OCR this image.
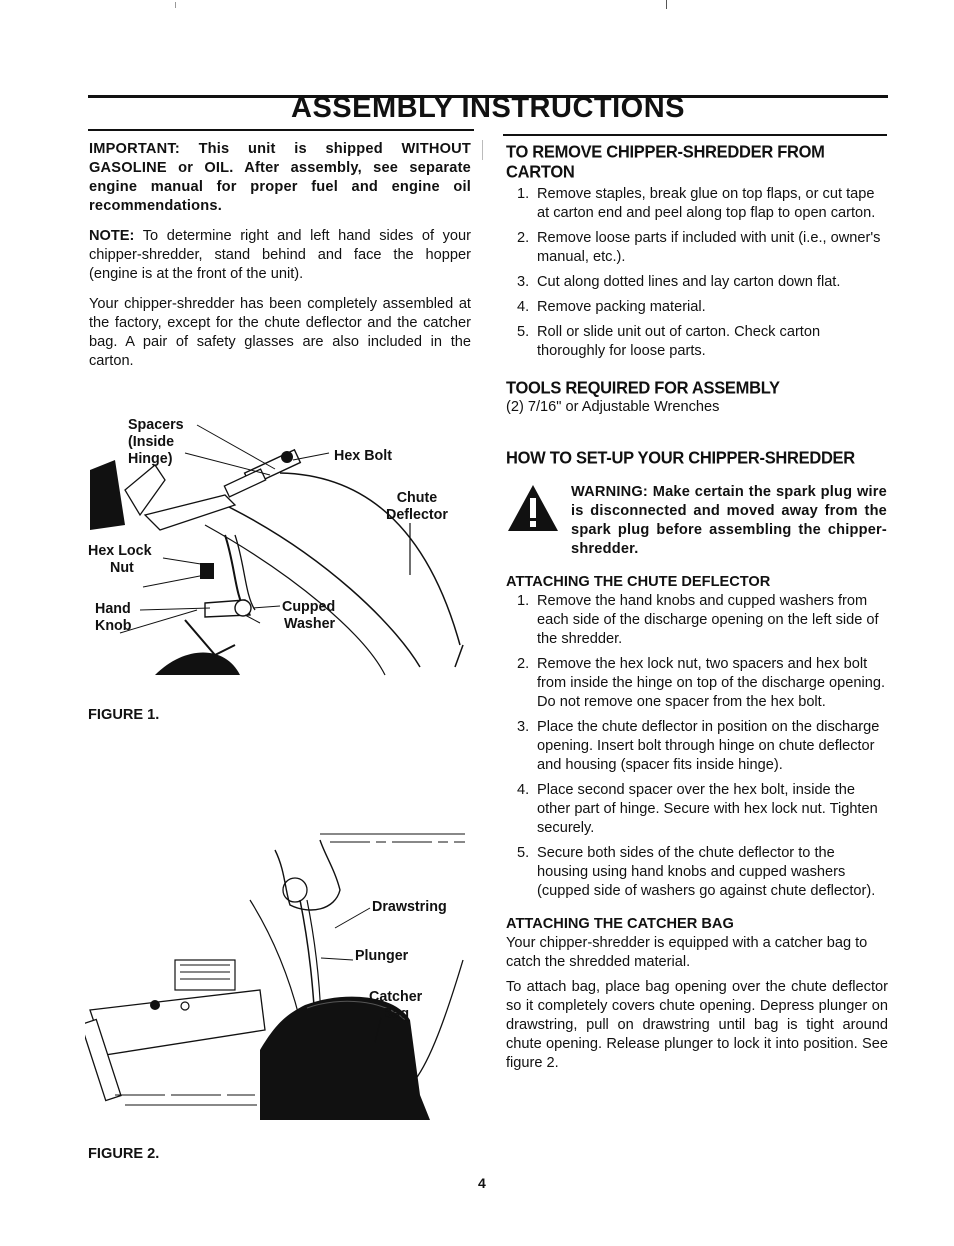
ASSEMBLY INSTRUCTIONS

IMPORTANT: This unit is shipped WITHOUT GASOLINE or OIL. After assembly, see separate engine manual for proper fuel and engine oil recommendations.

NOTE: To determine right and left hand sides of your chipper-shredder, stand behind and face the hopper (engine is at the front of the unit).

Your chipper-shredder has been completely assembled at the factory, except for the chute deflector and the catcher bag. A pair of safety glasses are also included in the carton.

Spacers
(Inside
Hinge)	Hex Bolt
Chute
Deflector
Hex Lock
Nut
Hand
Knob
Cupped
Washer
FIGURE 1.
Drawstring
Plunger
Catcher
Bag
FIGURE 2.
TO REMOVE CHIPPER-SHREDDER FROM CARTON
1. Remove staples, break glue on top flaps, or cut tape at carton end and peel along top flap to open carton.
2. Remove loose parts if included with unit (i.e., owner's manual, etc.).
3. Cut along dotted lines and lay carton down flat.
4. Remove packing material.
5. Roll or slide unit out of carton. Check carton thoroughly for loose parts.
TOOLS REQUIRED FOR ASSEMBLY
(2) 7/16" or Adjustable Wrenches
HOW TO SET-UP YOUR CHIPPER-SHREDDER
WARNING: Make certain the spark plug wire is disconnected and moved away from the spark plug before assembling the chipper-shredder.
ATTACHING THE CHUTE DEFLECTOR
1. Remove the hand knobs and cupped washers from each side of the discharge opening on the left side of the shredder.
2. Remove the hex lock nut, two spacers and hex bolt from inside the hinge on top of the discharge opening. Do not remove one spacer from the hex bolt.
3. Place the chute deflector in position on the discharge opening. Insert bolt through hinge on chute deflector and housing (spacer fits inside hinge).
4. Place second spacer over the hex bolt, inside the other part of hinge. Secure with hex lock nut. Tighten securely.
5. Secure both sides of the chute deflector to the housing using hand knobs and cupped washers (cupped side of washers go against chute deflector).
ATTACHING THE CATCHER BAG

Your chipper-shredder is equipped with a catcher bag to catch the shredded material.

To attach bag, place bag opening over the chute deflector so it completely covers chute opening. Depress plunger on drawstring, pull on drawstring until bag is tight around chute opening. Release plunger to lock it into position. See figure 2.

4
